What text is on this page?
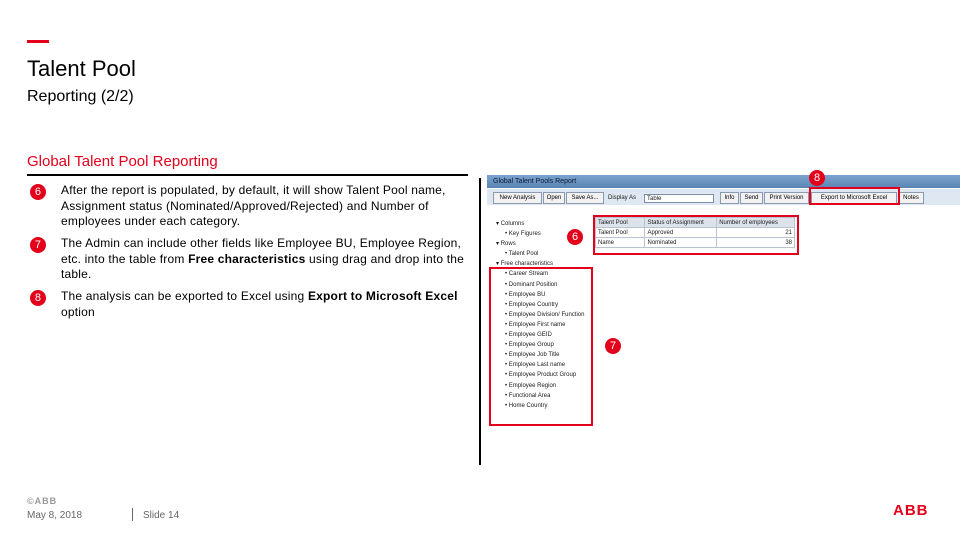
Talent Pool
Reporting (2/2)
Global Talent Pool Reporting
6	After the report is populated, by default, it will show Talent Pool name, Assignment status (Nominated/Approved/Rejected) and Number of employees under each category.
7	The Admin can include other fields like Employee BU, Employee Region, etc. into the table from Free characteristics using drag and drop into the table.
8	The analysis can be exported to Excel using Export to Microsoft Excel option
Global Talent Pools Report
New Analysis	Open	Save As...	Display As	Table	Info	Send	Print Version	Export to Microsoft Excel	Notes
▾ Columns
• Key Figures
▾ Rows
• Talent Pool
▾ Free characteristics
• Career Stream
• Dominant Position
• Employee BU
• Employee Country
• Employee Division/ Function
• Employee First name
• Employee GEID
• Employee Group
• Employee Job Title
• Employee Last name
• Employee Product Group
• Employee Region
• Functional Area
• Home Country
Talent Pool	Status of Assignment	Number of employees
Talent Pool	Approved	21
Name	Nominated	38
8
6
7
©ABB
May 8, 2018	Slide 14	ABB
